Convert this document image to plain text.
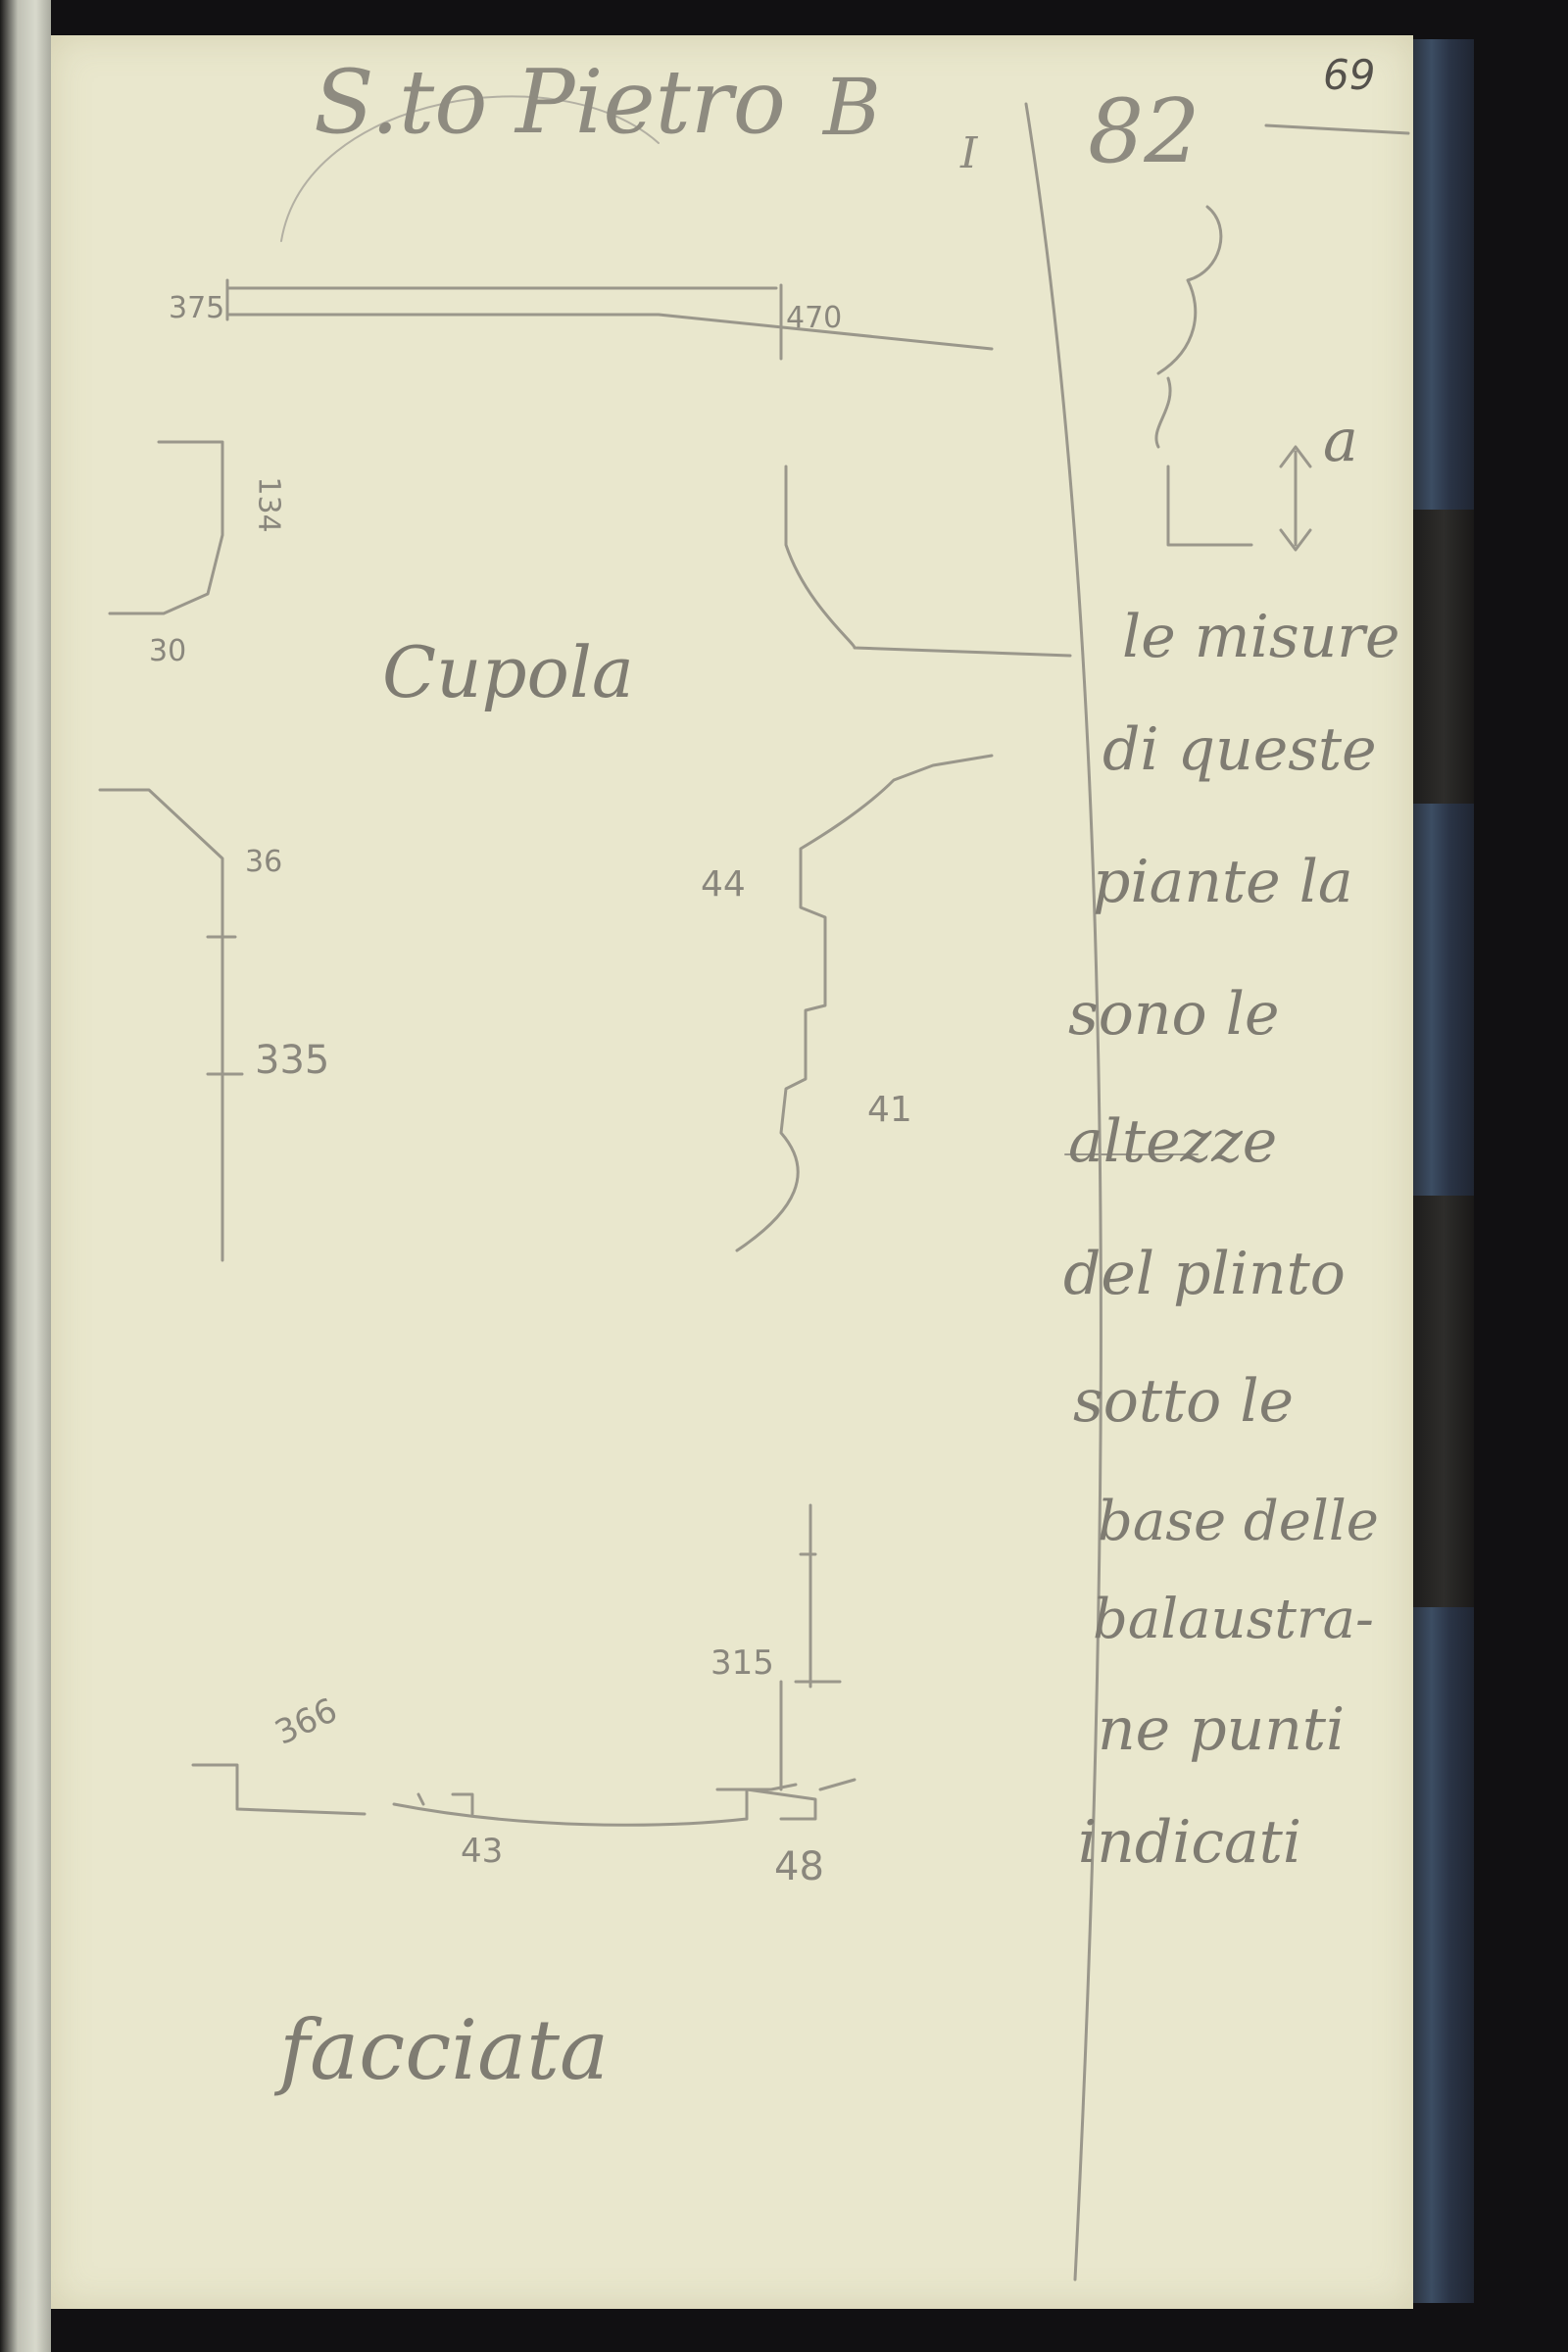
S.to Pietro B
I 82
69
Cupola
facciata
a
375	470
134
30
36
335
44
41
366
315
43	48
le misure
di queste
piante la
sono le
altezze
del plinto
sotto le
base delle
balaustra-
ne punti
indicati
